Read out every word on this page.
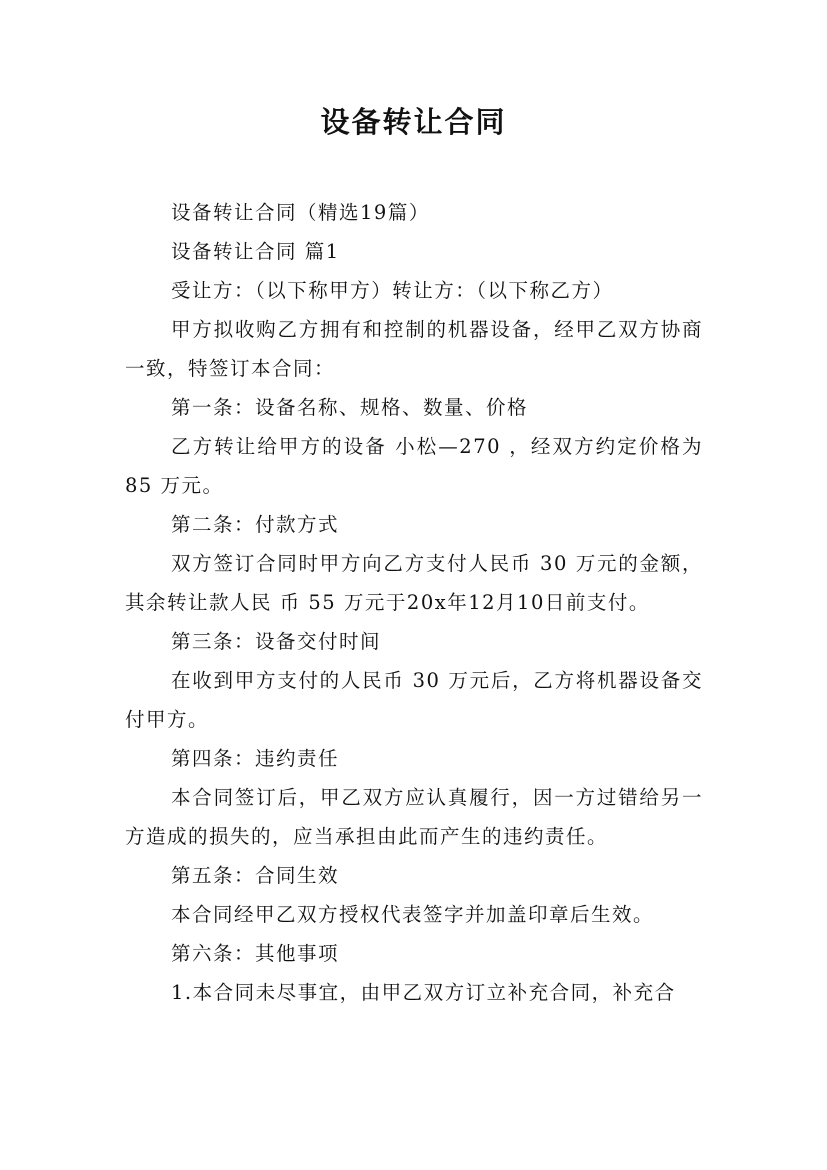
设备转让合同

设备转让合同（精选19篇）

设备转让合同 篇1

受让方：（以下称甲方）转让方：（以下称乙方）

甲方拟收购乙方拥有和控制的机器设备，经甲乙双方协商一致，特签订本合同：

第一条：设备名称、规格、数量、价格

乙方转让给甲方的设备 小松—270 ，经双方约定价格为 85 万元。

第二条：付款方式

双方签订合同时甲方向乙方支付人民币 30 万元的金额，其余转让款人民 币 55 万元于20x年12月10日前支付。

第三条：设备交付时间

在收到甲方支付的人民币 30 万元后，乙方将机器设备交付甲方。

第四条：违约责任

本合同签订后，甲乙双方应认真履行，因一方过错给另一方造成的损失的，应当承担由此而产生的违约责任。

第五条：合同生效

本合同经甲乙双方授权代表签字并加盖印章后生效。

第六条：其他事项

1.本合同未尽事宜，由甲乙双方订立补充合同，补充合
